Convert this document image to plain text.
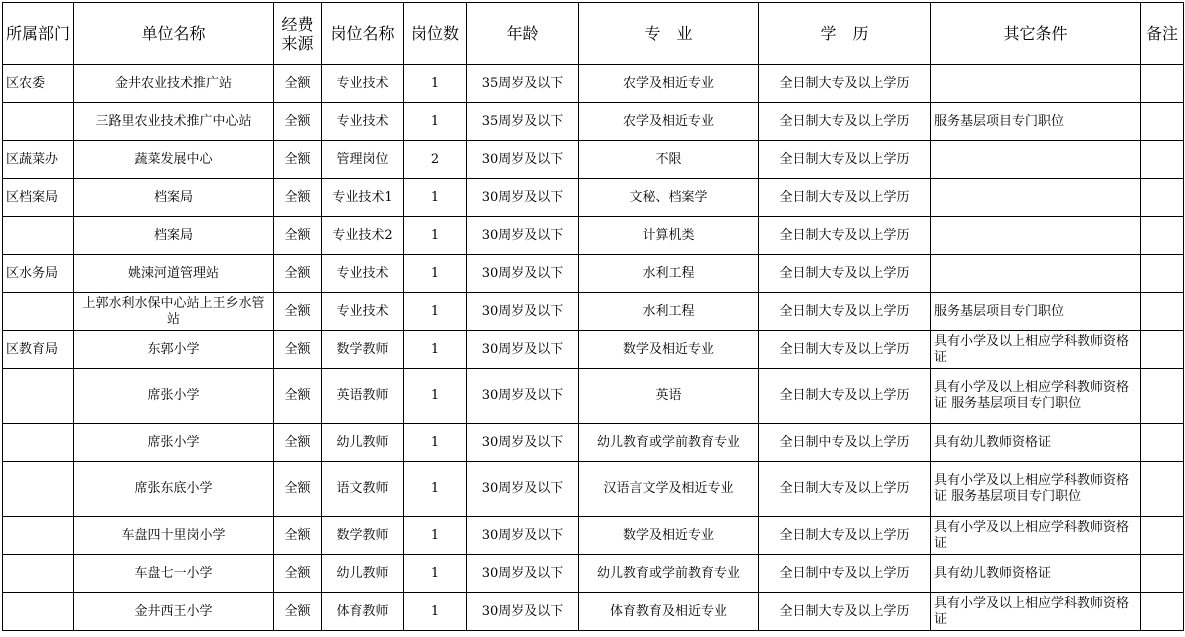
所属部门	单位名称	经费来源	岗位名称	岗位数	年龄	专　业	学　历	其它条件	备注
区农委	金井农业技术推广站	全额	专业技术	1	35周岁及以下	农学及相近专业	全日制大专及以上学历		
	三路里农业技术推广中心站	全额	专业技术	1	35周岁及以下	农学及相近专业	全日制大专及以上学历	服务基层项目专门职位	
区蔬菜办	蔬菜发展中心	全额	管理岗位	2	30周岁及以下	不限	全日制大专及以上学历		
区档案局	档案局	全额	专业技术1	1	30周岁及以下	文秘、档案学	全日制大专及以上学历		
	档案局	全额	专业技术2	1	30周岁及以下	计算机类	全日制大专及以上学历		
区水务局	姚涑河道管理站	全额	专业技术	1	30周岁及以下	水利工程	全日制大专及以上学历		
	上郭水利水保中心站上王乡水管站	全额	专业技术	1	30周岁及以下	水利工程	全日制大专及以上学历	服务基层项目专门职位	
区教育局	东郭小学	全额	数学教师	1	30周岁及以下	数学及相近专业	全日制大专及以上学历	具有小学及以上相应学科教师资格证	
	席张小学	全额	英语教师	1	30周岁及以下	英语	全日制大专及以上学历	具有小学及以上相应学科教师资格证 服务基层项目专门职位	
	席张小学	全额	幼儿教师	1	30周岁及以下	幼儿教育或学前教育专业	全日制中专及以上学历	具有幼儿教师资格证	
	席张东底小学	全额	语文教师	1	30周岁及以下	汉语言文学及相近专业	全日制大专及以上学历	具有小学及以上相应学科教师资格证 服务基层项目专门职位	
	车盘四十里岗小学	全额	数学教师	1	30周岁及以下	数学及相近专业	全日制大专及以上学历	具有小学及以上相应学科教师资格证	
	车盘七一小学	全额	幼儿教师	1	30周岁及以下	幼儿教育或学前教育专业	全日制中专及以上学历	具有幼儿教师资格证	
	金井西王小学	全额	体育教师	1	30周岁及以下	体育教育及相近专业	全日制大专及以上学历	具有小学及以上相应学科教师资格证	
